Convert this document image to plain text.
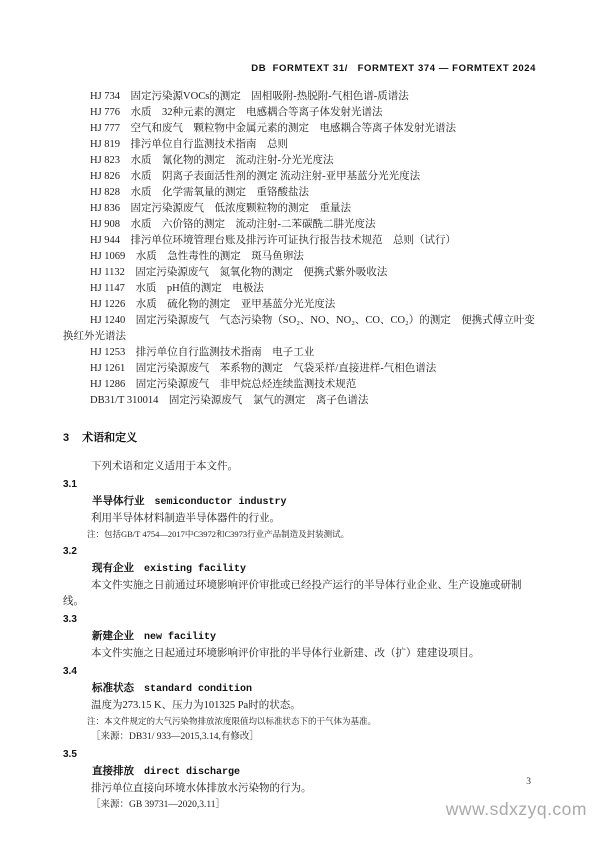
DB  FORMTEXT 31/   FORMTEXT 374 — FORMTEXT 2024
HJ 734　固定污染源VOCs的测定　固相吸附-热脱附-气相色谱-质谱法
HJ 776　水质　32种元素的测定　电感耦合等离子体发射光谱法
HJ 777　空气和废气　颗粒物中金属元素的测定　电感耦合等离子体发射光谱法
HJ 819　排污单位自行监测技术指南　总则
HJ 823　水质　氰化物的测定　流动注射-分光光度法
HJ 826　水质　阴离子表面活性剂的测定 流动注射-亚甲基蓝分光光度法
HJ 828　水质　化学需氧量的测定　重铬酸盐法
HJ 836　固定污染源废气　低浓度颗粒物的测定　重量法
HJ 908　水质　六价铬的测定　流动注射-二苯碳酰二肼光度法
HJ 944　排污单位环境管理台账及排污许可证执行报告技术规范　总则（试行）
HJ 1069　水质　急性毒性的测定　斑马鱼卵法
HJ 1132　固定污染源废气　氮氧化物的测定　便携式紫外吸收法
HJ 1147　水质　pH值的测定　电极法
HJ 1226　水质　硫化物的测定　亚甲基蓝分光光度法
HJ 1240　固定污染源废气　气态污染物（SO₂、NO、NO₂、CO、CO₂）的测定　便携式傅立叶变换红外光谱法
HJ 1253　排污单位自行监测技术指南　电子工业
HJ 1261　固定污染源废气　苯系物的测定　气袋采样/直接进样-气相色谱法
HJ 1286　固定污染源废气　非甲烷总烃连续监测技术规范
DB31/T 310014　固定污染源废气　氯气的测定　离子色谱法
3 术语和定义
下列术语和定义适用于本文件。
3.1
半导体行业 semiconductor industry
利用半导体材料制造半导体器件的行业。
注：包括GB/T 4754—2017中C3972和C3973行业产品制造及封装测试。
3.2
现有企业 existing facility
本文件实施之日前通过环境影响评价审批或已经投产运行的半导体行业企业、生产设施或研制线。
3.3
新建企业 new facility
本文件实施之日起通过环境影响评价审批的半导体行业新建、改（扩）建建设项目。
3.4
标准状态 standard condition
温度为273.15 K、压力为101325 Pa时的状态。
注：本文件规定的大气污染物排放浓度限值均以标准状态下的干气体为基准。
［来源：DB31/ 933—2015,3.14,有修改］
3.5
直接排放 direct discharge
排污单位直接向环境水体排放水污染物的行为。
［来源：GB 39731—2020,3.11］
3
www.sdxzyq.com
